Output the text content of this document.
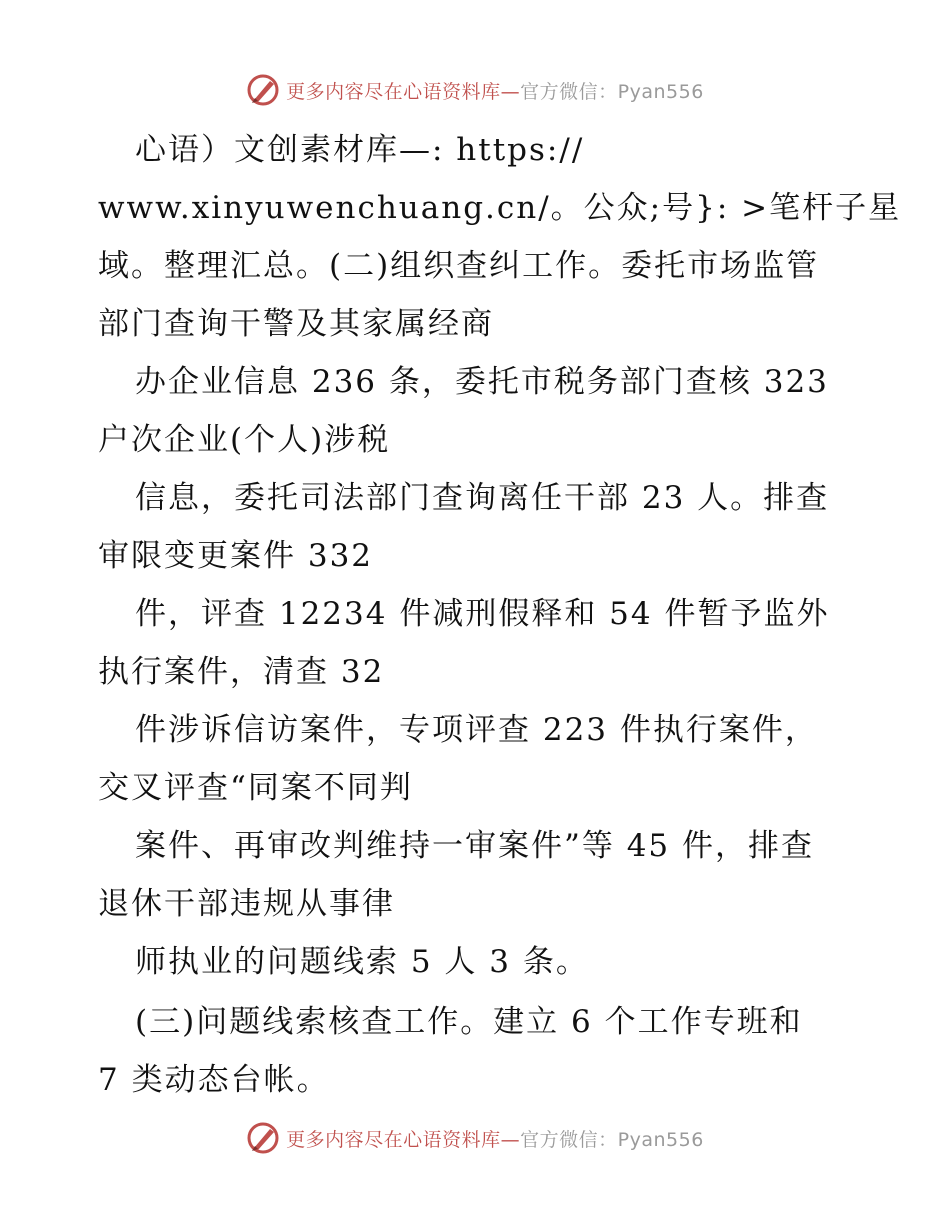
更多内容尽在心语资料库—官方微信：Pyan556
心语）文创素材库—: https://
www.xinyuwenchuang.cn/。公众;号}: >笔杆子星
域。整理汇总。(二)组织查纠工作。委托市场监管
部门查询干警及其家属经商
办企业信息 236 条，委托市税务部门查核 323
户次企业(个人)涉税
信息，委托司法部门查询离任干部 23 人。排查
审限变更案件 332
件，评查 12234 件减刑假释和 54 件暂予监外
执行案件，清查 32
件涉诉信访案件，专项评查 223 件执行案件，
交叉评查“同案不同判
案件、再审改判维持一审案件”等 45 件，排查
退休干部违规从事律
师执业的问题线索 5 人 3 条。
(三)问题线索核查工作。建立 6 个工作专班和
7 类动态台帐。
更多内容尽在心语资料库—官方微信：Pyan556
